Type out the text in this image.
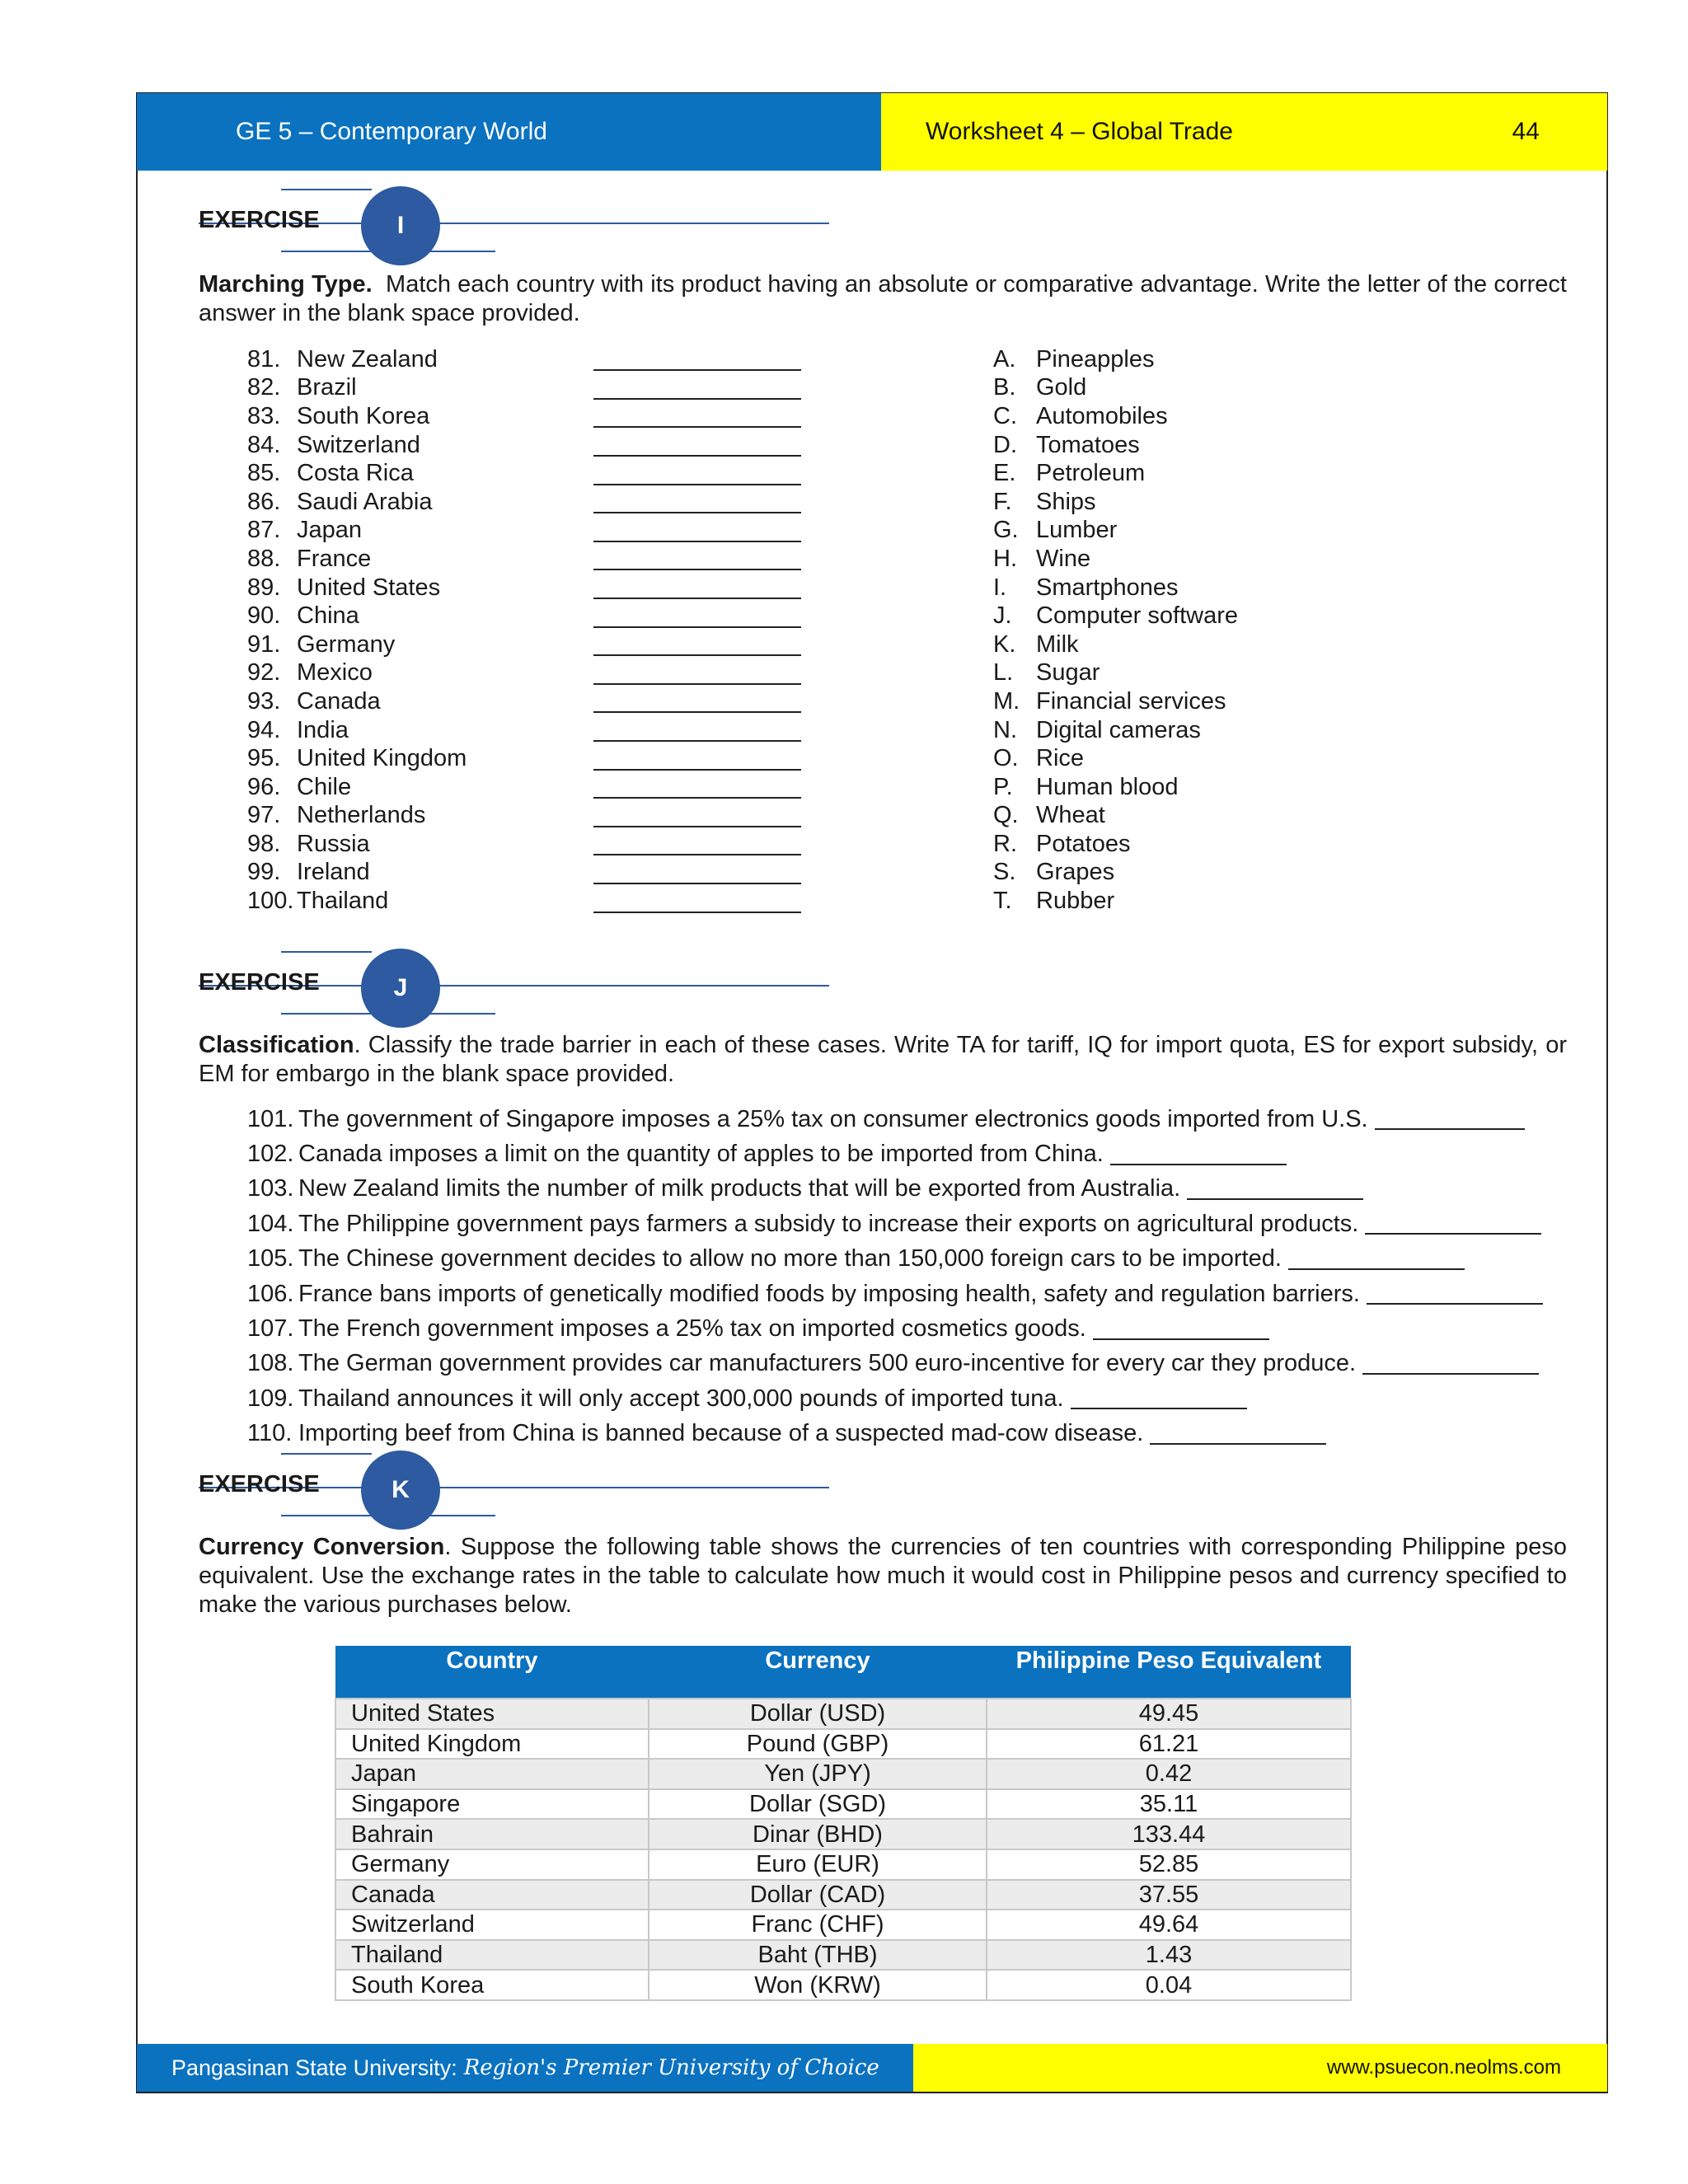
GE 5 – Contemporary World	Worksheet 4 – Global Trade	44
EXERCISE	I
Marching Type. Match each country with its product having an absolute or comparative advantage. Write the letter of the correct answer in the blank space provided.
81. New Zealand
82. Brazil
83. South Korea
84. Switzerland
85. Costa Rica
86. Saudi Arabia
87. Japan
88. France
89. United States
90. China
91. Germany
92. Mexico
93. Canada
94. India
95. United Kingdom
96. Chile
97. Netherlands
98. Russia
99. Ireland
100. Thailand
A. Pineapples
B. Gold
C. Automobiles
D. Tomatoes
E. Petroleum
F.	Ships
G. Lumber
H. Wine
I.	Smartphones
J.	Computer software
K. Milk
L. Sugar
M. Financial services
N. Digital cameras
O. Rice
P. Human blood
Q. Wheat
R. Potatoes
S. Grapes
T.	Rubber
EXERCISE	J
Classification. Classify the trade barrier in each of these cases. Write TA for tariff, IQ for import quota, ES for export subsidy, or EM for embargo in the blank space provided.
101. The government of Singapore imposes a 25% tax on consumer electronics goods imported from U.S.
102. Canada imposes a limit on the quantity of apples to be imported from China.
103. New Zealand limits the number of milk products that will be exported from Australia.
104. The Philippine government pays farmers a subsidy to increase their exports on agricultural products.
105. The Chinese government decides to allow no more than 150,000 foreign cars to be imported.
106. France bans imports of genetically modified foods by imposing health, safety and regulation barriers.
107. The French government imposes a 25% tax on imported cosmetics goods.
108. The German government provides car manufacturers 500 euro-incentive for every car they produce.
109. Thailand announces it will only accept 300,000 pounds of imported tuna.
110. Importing beef from China is banned because of a suspected mad-cow disease.
EXERCISE	K
Currency Conversion. Suppose the following table shows the currencies of ten countries with corresponding Philippine peso equivalent. Use the exchange rates in the table to calculate how much it would cost in Philippine pesos and currency specified to make the various purchases below.
Country	Currency	Philippine Peso Equivalent
United States	Dollar (USD)	49.45
United Kingdom	Pound (GBP)	61.21
Japan	Yen (JPY)	0.42
Singapore	Dollar (SGD)	35.11
Bahrain	Dinar (BHD)	133.44
Germany	Euro (EUR)	52.85
Canada	Dollar (CAD)	37.55
Switzerland	Franc (CHF)	49.64
Thailand	Baht (THB)	1.43
South Korea	Won (KRW)	0.04
Pangasinan State University: Region's Premier University of Choice	www.psuecon.neolms.com
